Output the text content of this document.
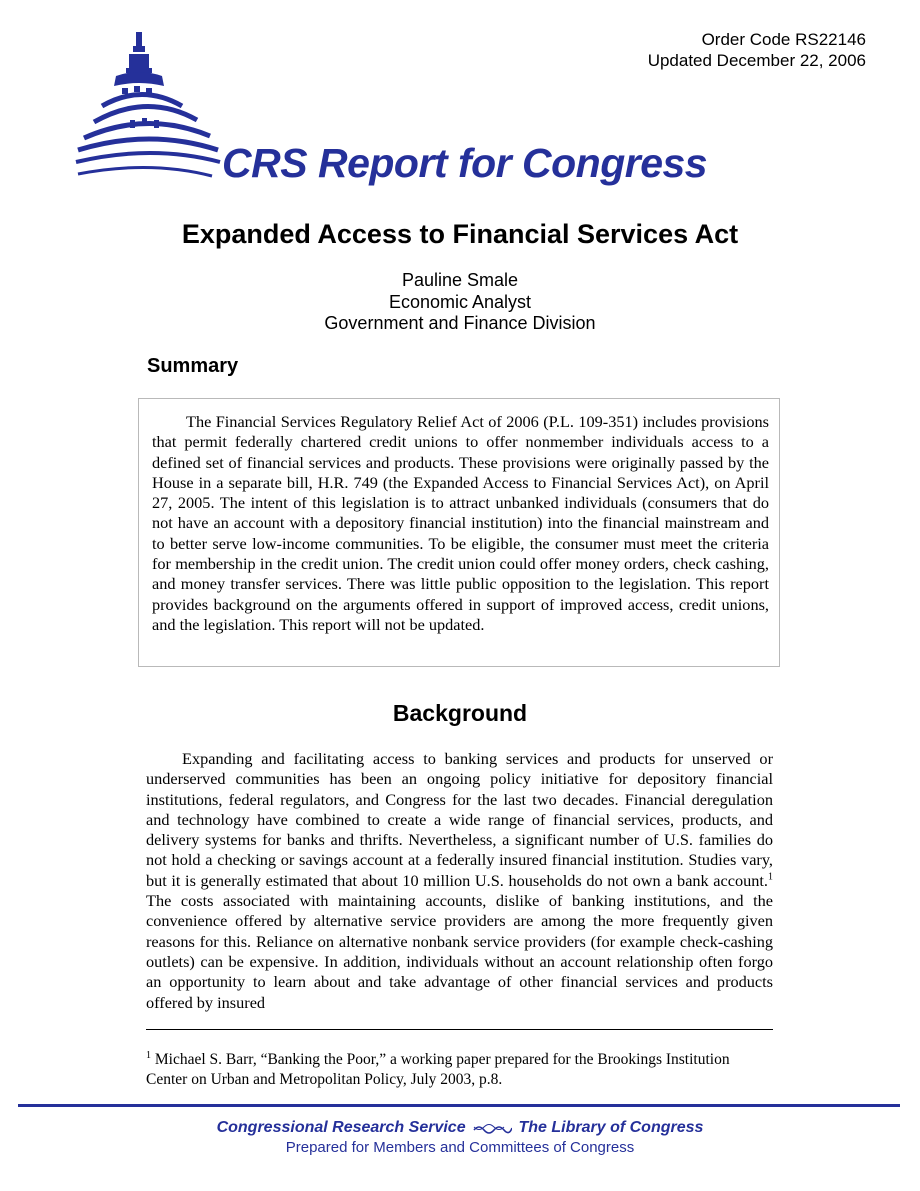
Order Code RS22146
Updated December 22, 2006
CRS Report for Congress
Expanded Access to Financial Services Act
Pauline Smale
Economic Analyst
Government and Finance Division
Summary

The Financial Services Regulatory Relief Act of 2006 (P.L. 109-351) includes provisions that permit federally chartered credit unions to offer nonmember individuals access to a defined set of financial services and products. These provisions were originally passed by the House in a separate bill, H.R. 749 (the Expanded Access to Financial Services Act), on April 27, 2005. The intent of this legislation is to attract unbanked individuals (consumers that do not have an account with a depository financial institution) into the financial mainstream and to better serve low-income communities. To be eligible, the consumer must meet the criteria for membership in the credit union. The credit union could offer money orders, check cashing, and money transfer services. There was little public opposition to the legislation. This report provides background on the arguments offered in support of improved access, credit unions, and the legislation. This report will not be updated.

Background

Expanding and facilitating access to banking services and products for unserved or underserved communities has been an ongoing policy initiative for depository financial institutions, federal regulators, and Congress for the last two decades. Financial deregulation and technology have combined to create a wide range of financial services, products, and delivery systems for banks and thrifts. Nevertheless, a significant number of U.S. families do not hold a checking or savings account at a federally insured financial institution. Studies vary, but it is generally estimated that about 10 million U.S. households do not own a bank account.$^1$ The costs associated with maintaining accounts, dislike of banking institutions, and the convenience offered by alternative service providers are among the more frequently given reasons for this. Reliance on alternative nonbank service providers (for example check-cashing outlets) can be expensive. In addition, individuals without an account relationship often forgo an opportunity to learn about and take advantage of other financial services and products offered by insured

$^1$ Michael S. Barr, “Banking the Poor,” a working paper prepared for the Brookings Institution Center on Urban and Metropolitan Policy, July 2003, p.8.

Congressional Research Service	The Library of Congress
Prepared for Members and Committees of Congress
